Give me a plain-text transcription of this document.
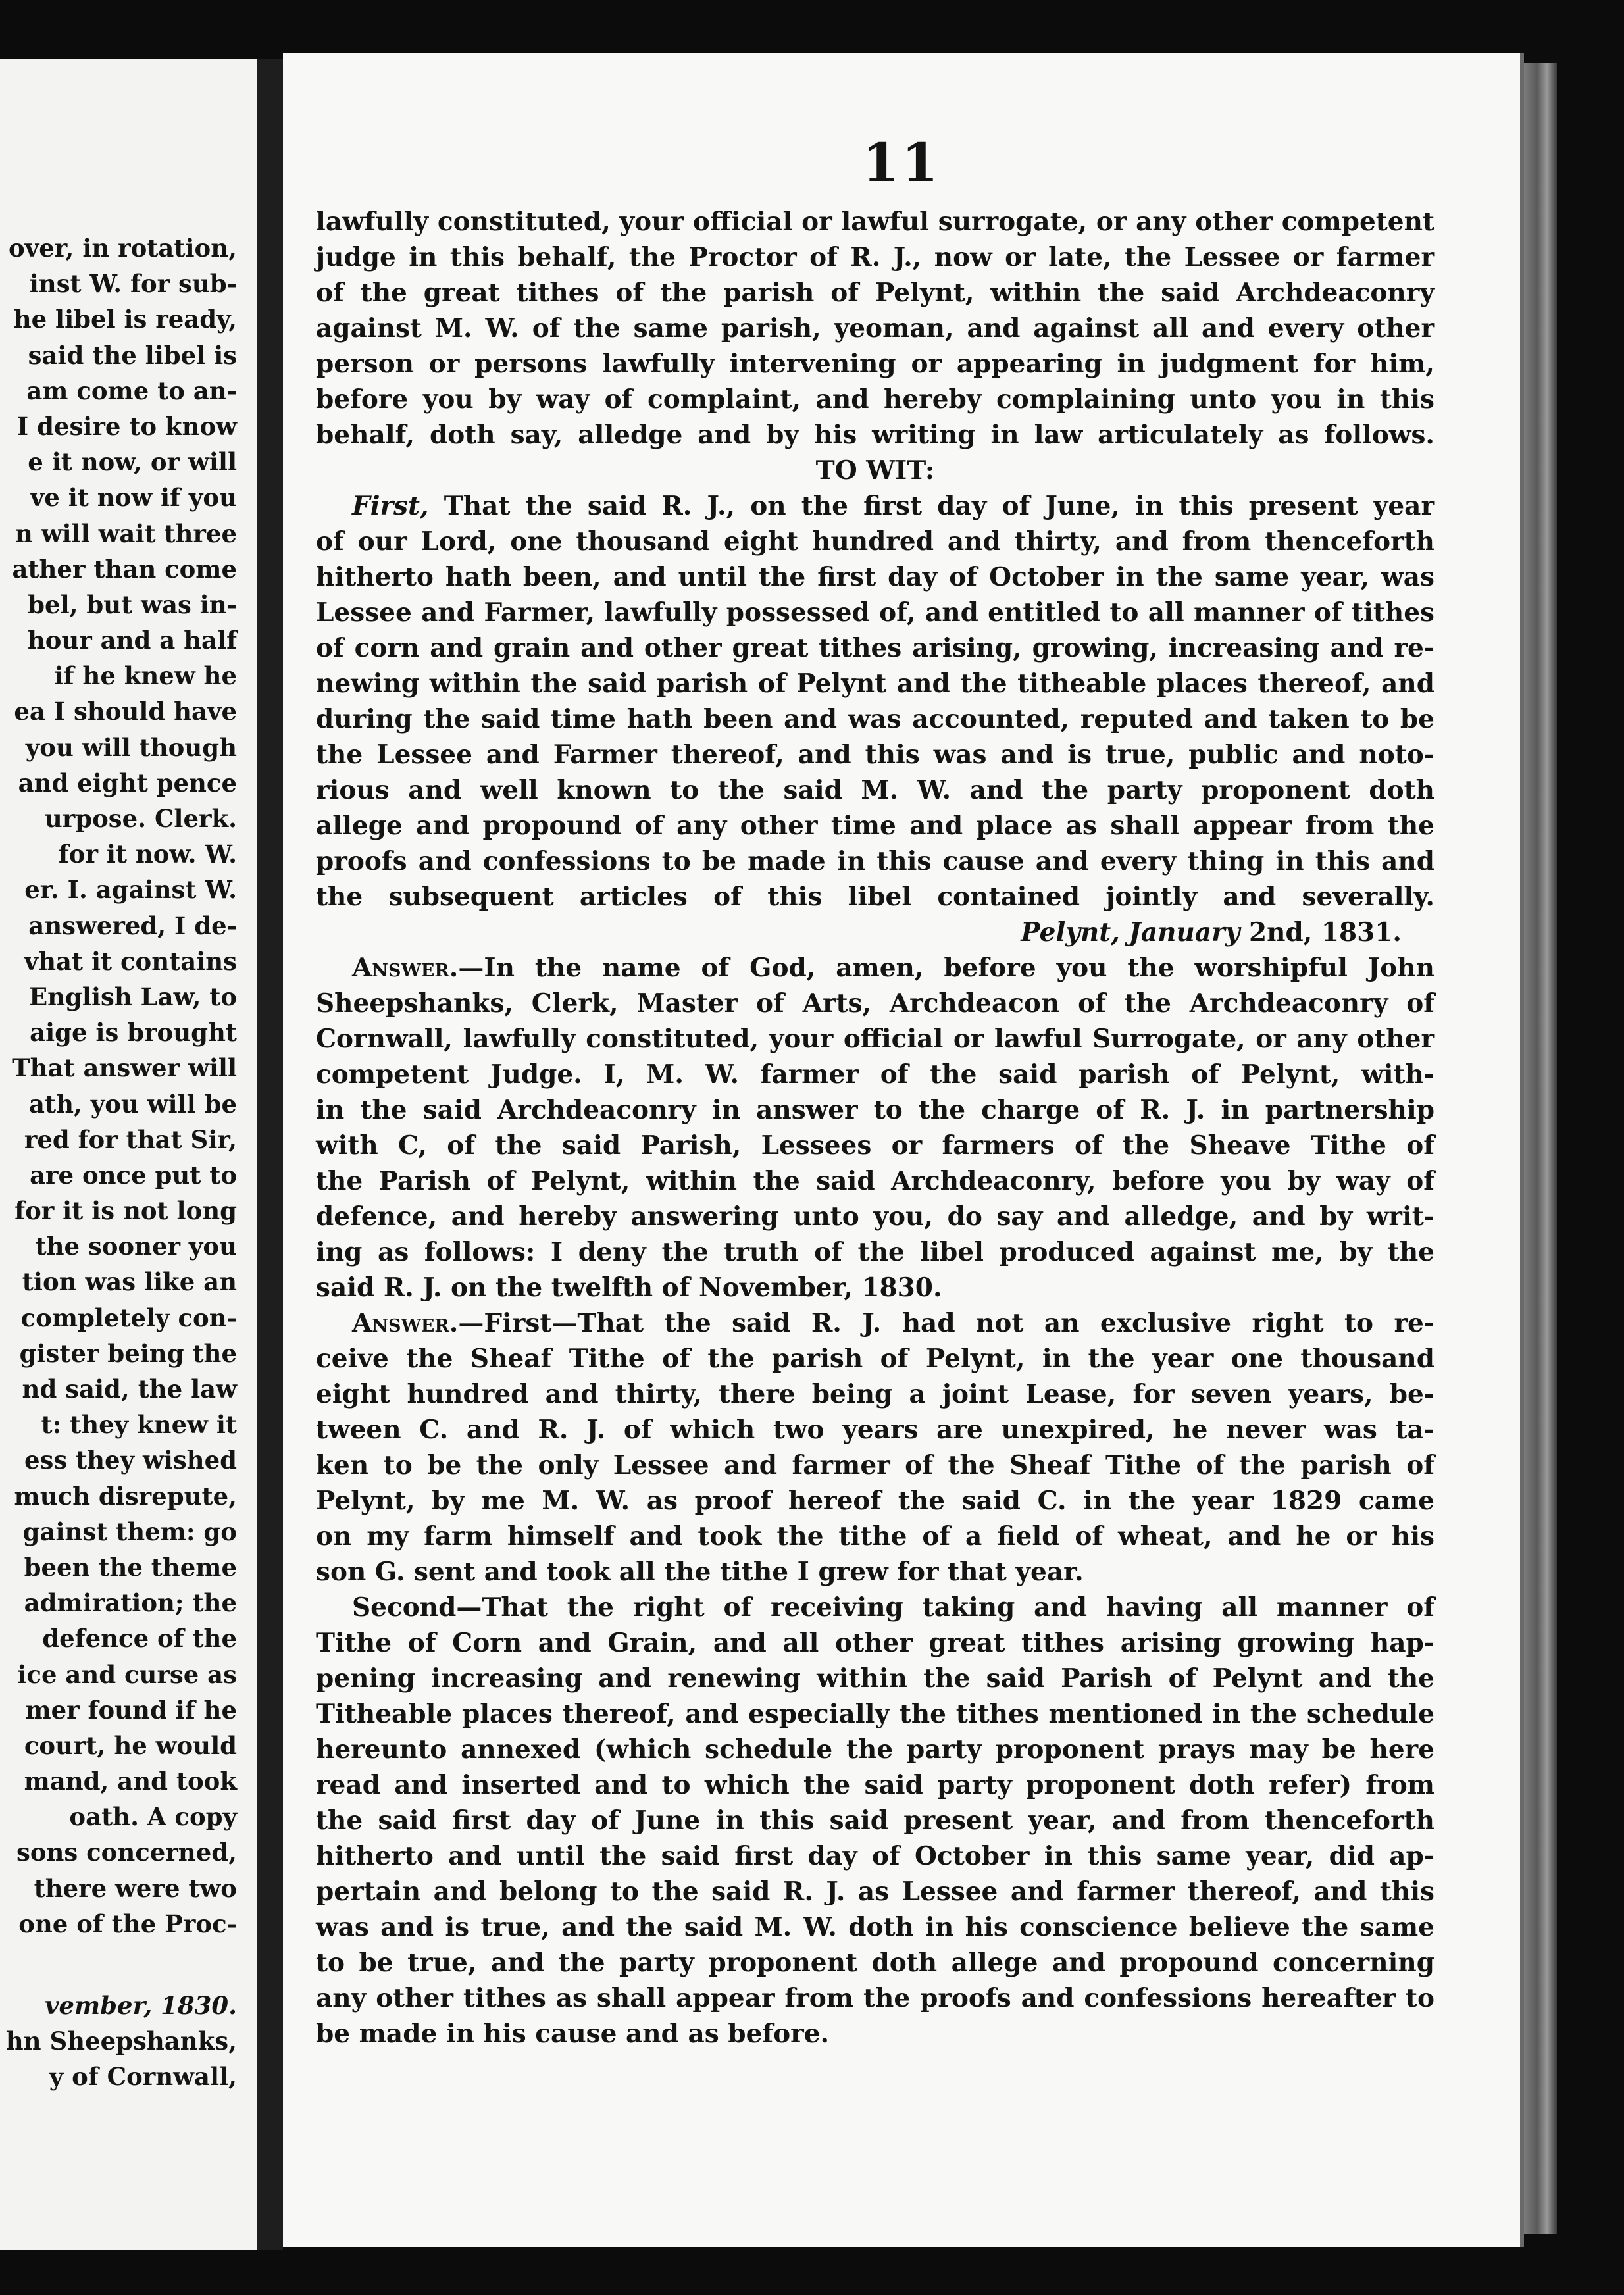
over, in rotation,
inst W. for sub-
he libel is ready,
said the libel is
am come to an-
I desire to know
e it now, or will
ve it now if you
n will wait three
ather than come
bel, but was in-
hour and a half
if he knew he
ea I should have
you will though
and eight pence
urpose. Clerk.
for it now. W.
er. I. against W.
answered, I de-
vhat it contains
English Law, to
aige is brought
That answer will
ath, you will be
red for that Sir,
are once put to
for it is not long
the sooner you
tion was like an
completely con-
gister being the
nd said, the law
t: they knew it
ess they wished
much disrepute,
gainst them: go
been the theme
admiration; the
defence of the
ice and curse as
mer found if he
court, he would
mand, and took
oath. A copy
sons concerned,
there were two
one of the Proc-
vember, 1830.
hn Sheepshanks,
y of Cornwall,
11

lawfully constituted, your official or lawful surrogate, or any other competent

judge in this behalf, the Proctor of R. J., now or late, the Lessee or farmer

of the great tithes of the parish of Pelynt, within the said Archdeaconry

against M. W. of the same parish, yeoman, and against all and every other

person or persons lawfully intervening or appearing in judgment for him,

before you by way of complaint, and hereby complaining unto you in this

behalf, doth say, alledge and by his writing in law articulately as follows.

TO WIT:

First, That the said R. J., on the first day of June, in this present year

of our Lord, one thousand eight hundred and thirty, and from thenceforth

hitherto hath been, and until the first day of October in the same year, was

Lessee and Farmer, lawfully possessed of, and entitled to all manner of tithes

of corn and grain and other great tithes arising, growing, increasing and re-

newing within the said parish of Pelynt and the titheable places thereof, and

during the said time hath been and was accounted, reputed and taken to be

the Lessee and Farmer thereof, and this was and is true, public and noto-

rious and well known to the said M. W. and the party proponent doth

allege and propound of any other time and place as shall appear from the

proofs and confessions to be made in this cause and every thing in this and

the subsequent articles of this libel contained jointly and severally.

Pelynt, January 2nd, 1831.

Answer.—In the name of God, amen, before you the worshipful John

Sheepshanks, Clerk, Master of Arts, Archdeacon of the Archdeaconry of

Cornwall, lawfully constituted, your official or lawful Surrogate, or any other

competent Judge. I, M. W. farmer of the said parish of Pelynt, with-

in the said Archdeaconry in answer to the charge of R. J. in partnership

with C, of the said Parish, Lessees or farmers of the Sheave Tithe of

the Parish of Pelynt, within the said Archdeaconry, before you by way of

defence, and hereby answering unto you, do say and alledge, and by writ-

ing as follows: I deny the truth of the libel produced against me, by the

said R. J. on the twelfth of November, 1830.

Answer.—First—That the said R. J. had not an exclusive right to re-

ceive the Sheaf Tithe of the parish of Pelynt, in the year one thousand

eight hundred and thirty, there being a joint Lease, for seven years, be-

tween C. and R. J. of which two years are unexpired, he never was ta-

ken to be the only Lessee and farmer of the Sheaf Tithe of the parish of

Pelynt, by me M. W. as proof hereof the said C. in the year 1829 came

on my farm himself and took the tithe of a field of wheat, and he or his

son G. sent and took all the tithe I grew for that year.

Second—That the right of receiving taking and having all manner of

Tithe of Corn and Grain, and all other great tithes arising growing hap-

pening increasing and renewing within the said Parish of Pelynt and the

Titheable places thereof, and especially the tithes mentioned in the schedule

hereunto annexed (which schedule the party proponent prays may be here

read and inserted and to which the said party proponent doth refer) from

the said first day of June in this said present year, and from thenceforth

hitherto and until the said first day of October in this same year, did ap-

pertain and belong to the said R. J. as Lessee and farmer thereof, and this

was and is true, and the said M. W. doth in his conscience believe the same

to be true, and the party proponent doth allege and propound concerning

any other tithes as shall appear from the proofs and confessions hereafter to

be made in his cause and as before.
